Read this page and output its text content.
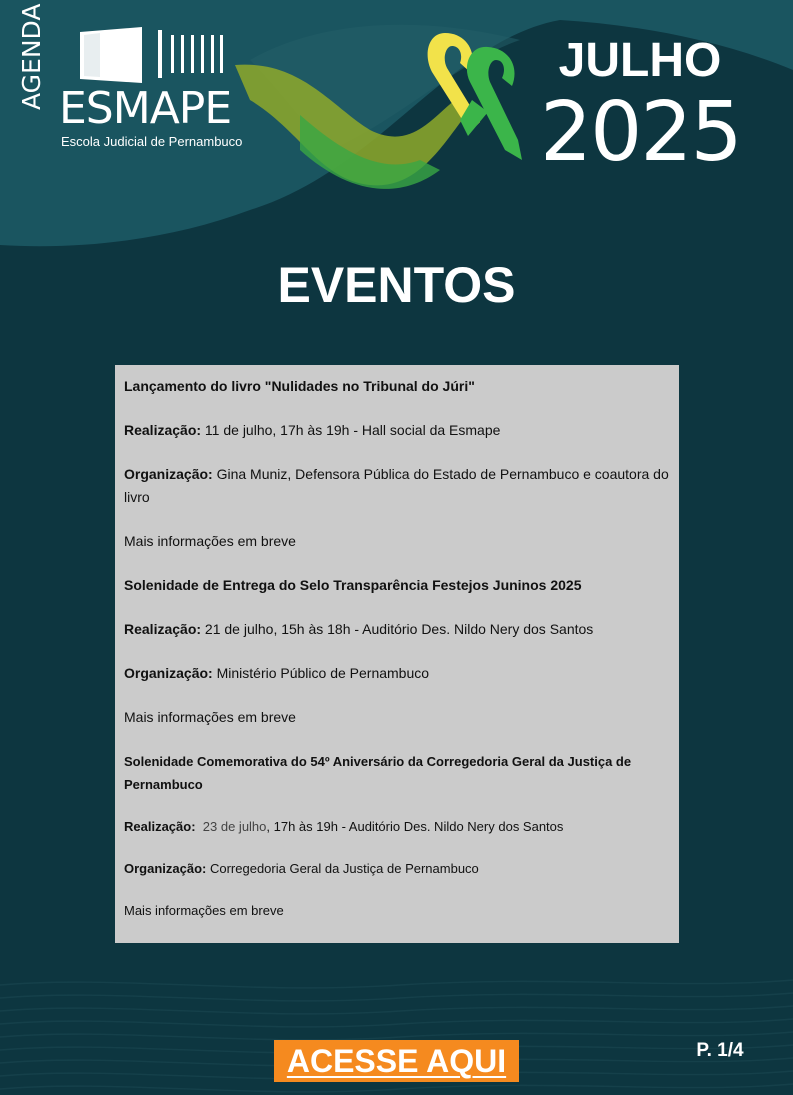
AGENDA ESMAPE
Escola Judicial de Pernambuco
JULHO
2025
EVENTOS

Lançamento do livro "Nulidades no Tribunal do Júri"

Realização: 11 de julho, 17h às 19h - Hall social da Esmape

Organização: Gina Muniz, Defensora Pública do Estado de Pernambuco e coautora do livro

Mais informações em breve

Solenidade de Entrega do Selo Transparência Festejos Juninos 2025

Realização: 21 de julho, 15h às 18h - Auditório Des. Nildo Nery dos Santos

Organização: Ministério Público de Pernambuco

Mais informações em breve

Solenidade Comemorativa do 54º Aniversário da Corregedoria Geral da Justiça de Pernambuco

Realização: 23 de julho, 17h às 19h - Auditório Des. Nildo Nery dos Santos

Organização: Corregedoria Geral da Justiça de Pernambuco

Mais informações em breve

ACESSE AQUI	P. 1/4
